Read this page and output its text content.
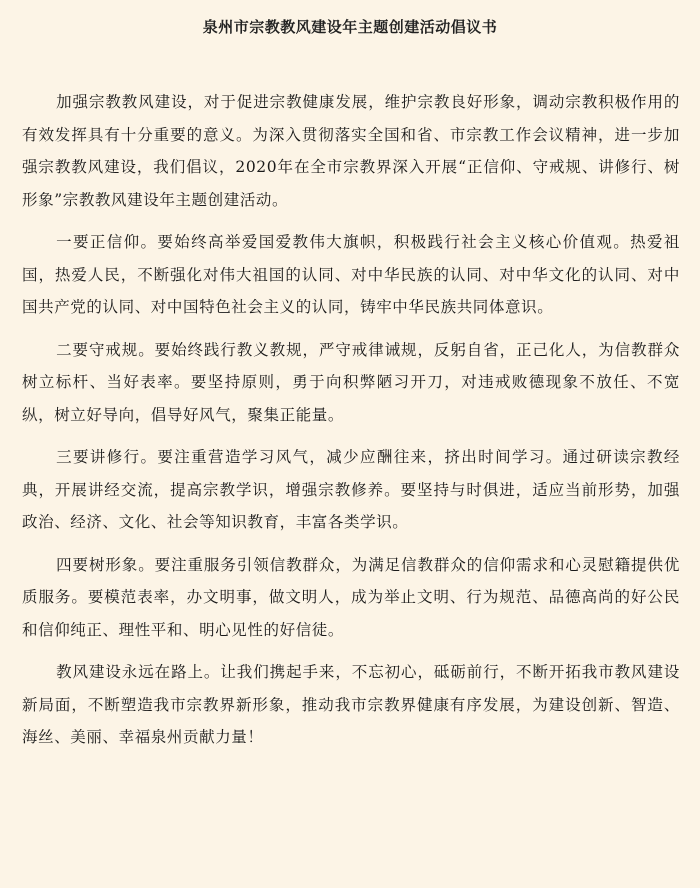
泉州市宗教教风建设年主题创建活动倡议书

加强宗教教风建设，对于促进宗教健康发展，维护宗教良好形象，调动宗教积极作用的有效发挥具有十分重要的意义。为深入贯彻落实全国和省、市宗教工作会议精神，进一步加强宗教教风建设，我们倡议，2020年在全市宗教界深入开展“正信仰、守戒规、讲修行、树形象”宗教教风建设年主题创建活动。

一要正信仰。要始终高举爱国爱教伟大旗帜，积极践行社会主义核心价值观。热爱祖国，热爱人民，不断强化对伟大祖国的认同、对中华民族的认同、对中华文化的认同、对中国共产党的认同、对中国特色社会主义的认同，铸牢中华民族共同体意识。

二要守戒规。要始终践行教义教规，严守戒律诫规，反躬自省，正己化人，为信教群众树立标杆、当好表率。要坚持原则，勇于向积弊陋习开刀，对违戒败德现象不放任、不宽纵，树立好导向，倡导好风气，聚集正能量。

三要讲修行。要注重营造学习风气，减少应酬往来，挤出时间学习。通过研读宗教经典，开展讲经交流，提高宗教学识，增强宗教修养。要坚持与时俱进，适应当前形势，加强政治、经济、文化、社会等知识教育，丰富各类学识。

四要树形象。要注重服务引领信教群众，为满足信教群众的信仰需求和心灵慰籍提供优质服务。要模范表率，办文明事，做文明人，成为举止文明、行为规范、品德高尚的好公民和信仰纯正、理性平和、明心见性的好信徒。

教风建设永远在路上。让我们携起手来，不忘初心，砥砺前行，不断开拓我市教风建设新局面，不断塑造我市宗教界新形象，推动我市宗教界健康有序发展，为建设创新、智造、海丝、美丽、幸福泉州贡献力量！
